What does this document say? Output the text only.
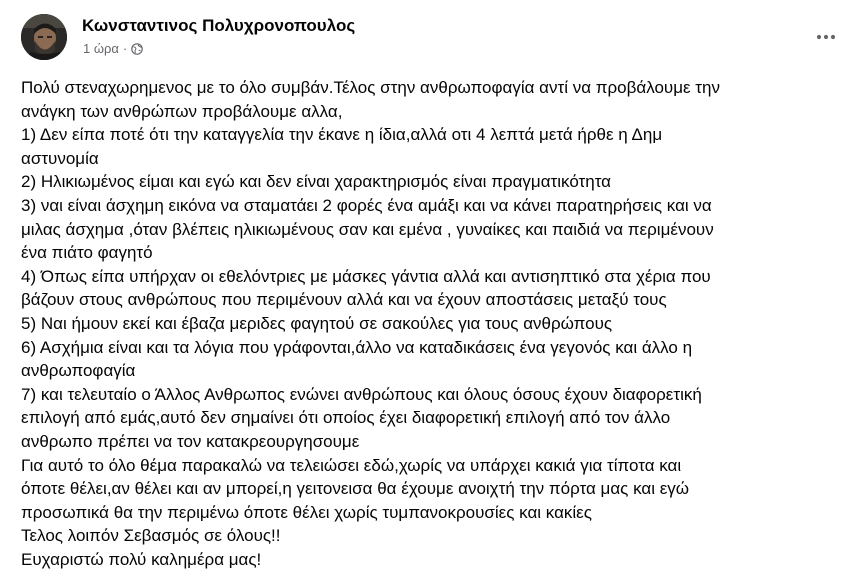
Κωνσταντινος Πολυχρονοπουλος
1 ώρα ·

Πολύ στεναχωρημενος με το όλο συμβάν.Τέλος στην ανθρωποφαγία αντί να προβάλουμε την

ανάγκη των ανθρώπων προβάλουμε αλλα,

1) Δεν είπα ποτέ ότι την καταγγελία την έκανε η ίδια,αλλά οτι 4 λεπτά μετά ήρθε η Δημ

αστυνομία

2) Ηλικιωμένος είμαι και εγώ και δεν είναι χαρακτηρισμός είναι πραγματικότητα

3) ναι είναι άσχημη εικόνα να σταματάει 2 φορές ένα αμάξι και να κάνει παρατηρήσεις και να

μιλας άσχημα ,όταν βλέπεις ηλικιωμένους σαν και εμένα , γυναίκες και παιδιά να περιμένουν

ένα πιάτο φαγητό

4) Όπως είπα υπήρχαν οι εθελόντριες με μάσκες γάντια αλλά και αντισηπτικό στα χέρια που

βάζουν στους ανθρώπους που περιμένουν αλλά και να έχουν αποστάσεις μεταξύ τους

5) Ναι ήμουν εκεί και έβαζα μεριδες φαγητού σε σακούλες για τους ανθρώπους

6) Ασχήμια είναι και τα λόγια που γράφονται,άλλο να καταδικάσεις ένα γεγονός και άλλο η

ανθρωποφαγία

7) και τελευταίο ο Άλλος Ανθρωπος ενώνει ανθρώπους και όλους όσους έχουν διαφορετική

επιλογή από εμάς,αυτό δεν σημαίνει ότι οποίος έχει διαφορετική επιλογή από τον άλλο

ανθρωπο πρέπει να τον κατακρεουργησουμε

Για αυτό το όλο θέμα παρακαλώ να τελειώσει εδώ,χωρίς να υπάρχει κακιά για τίποτα και

όποτε θέλει,αν θέλει και αν μπορεί,η γειτονεισα θα έχουμε ανοιχτή την πόρτα μας και εγώ

προσωπικά θα την περιμένω όποτε θέλει χωρίς τυμπανοκρουσίες και κακίες

Τελος λοιπόν Σεβασμός σε όλους!!

Ευχαριστώ πολύ καλημέρα μας!
